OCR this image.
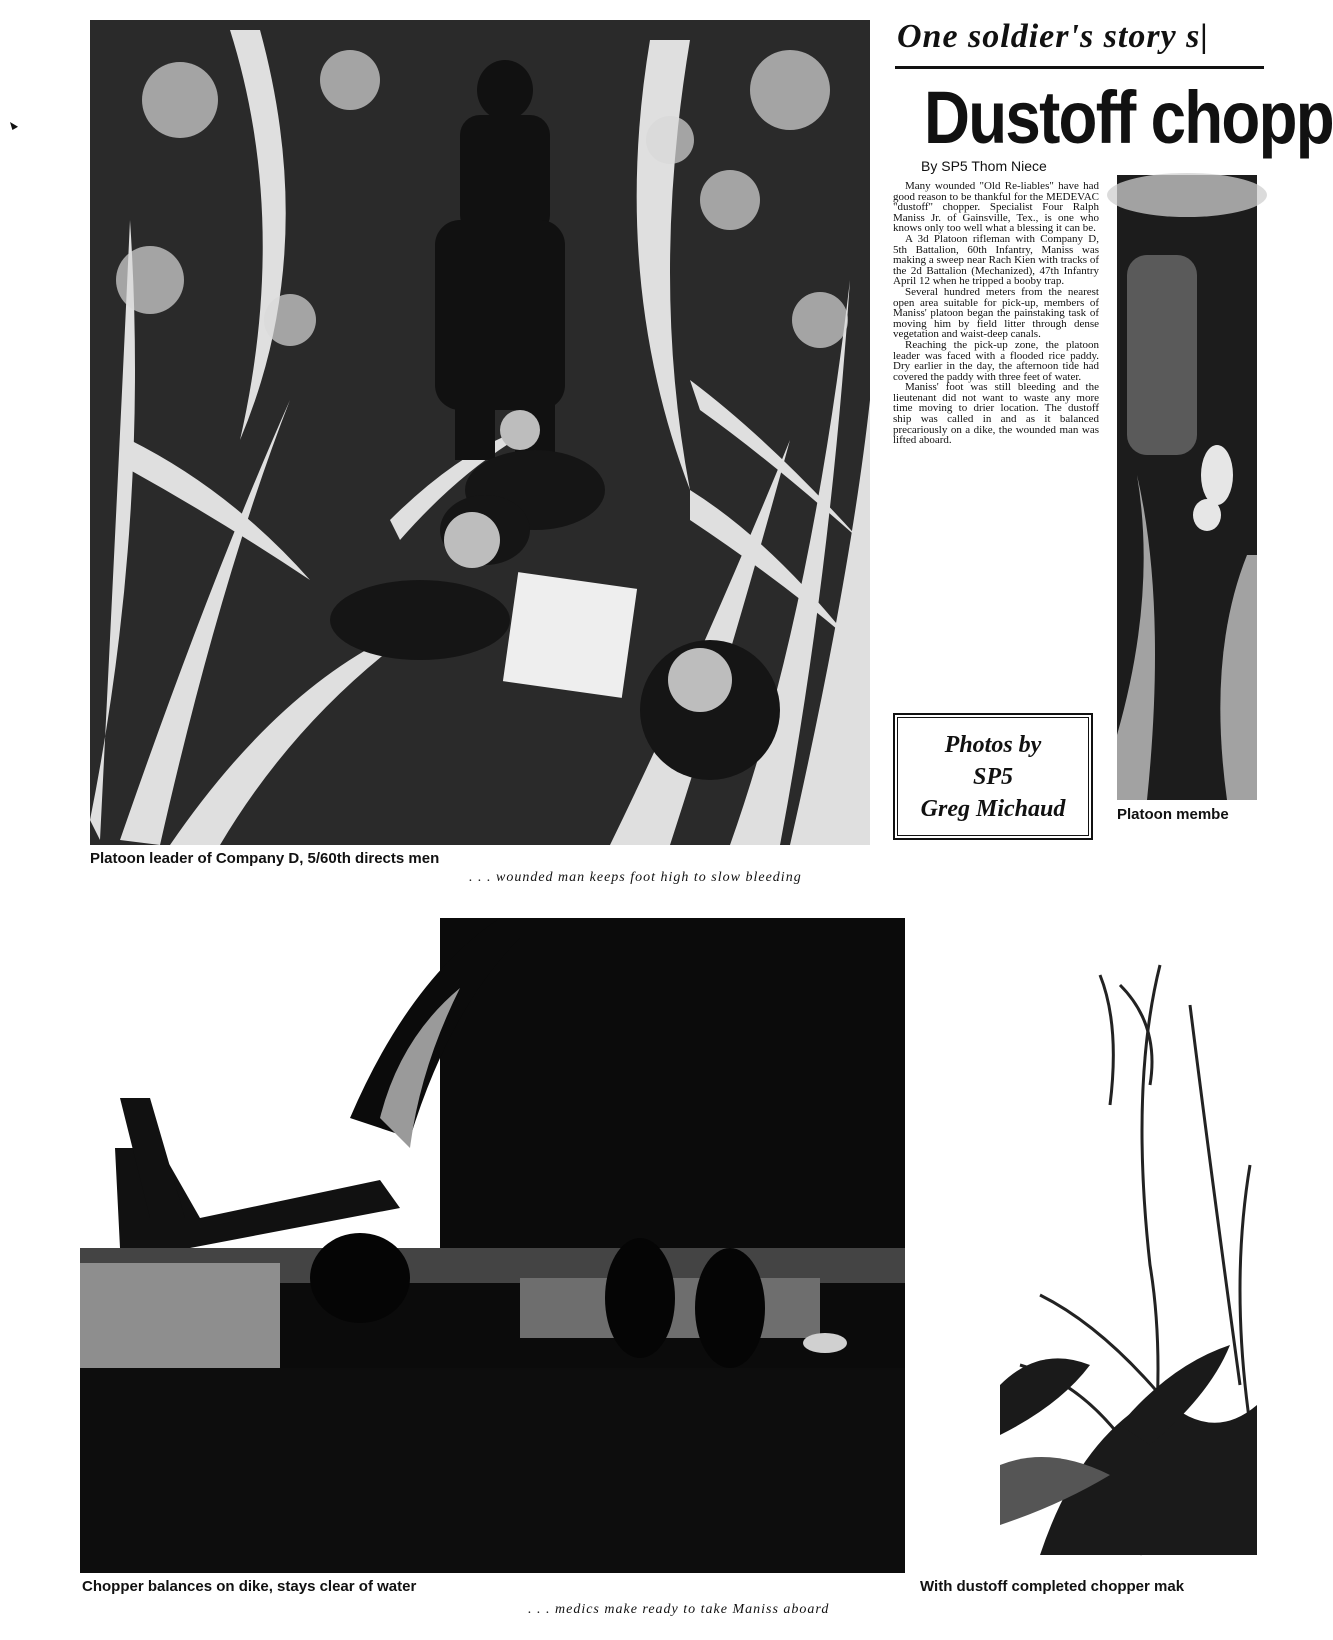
One soldier's story s|
Dustoff chopp
By SP5 Thom Niece

Many wounded "Old Re-liables" have had good reason to be thankful for the MEDEVAC "dustoff" chopper. Specialist Four Ralph Maniss Jr. of Gainsville, Tex., is one who knows only too well what a blessing it can be.

A 3d Platoon rifleman with Company D, 5th Battalion, 60th Infantry, Maniss was making a sweep near Rach Kien with tracks of the 2d Battalion (Mechanized), 47th Infantry April 12 when he tripped a booby trap.

Several hundred meters from the nearest open area suitable for pick-up, members of Maniss' platoon began the painstaking task of moving him by field litter through dense vegetation and waist-deep canals.

Reaching the pick-up zone, the platoon leader was faced with a flooded rice paddy. Dry earlier in the day, the afternoon tide had covered the paddy with three feet of water.

Maniss' foot was still bleeding and the lieutenant did not want to waste any more time moving to drier location. The dustoff ship was called in and as it balanced precariously on a dike, the wounded man was lifted aboard.

Photos by
SP5
Greg Michaud	Platoon membe
Platoon leader of Company D, 5/60th directs men
. . . wounded man keeps foot high to slow bleeding
Chopper balances on dike, stays clear of water
. . . medics make ready to take Maniss aboard
With dustoff completed chopper mak
